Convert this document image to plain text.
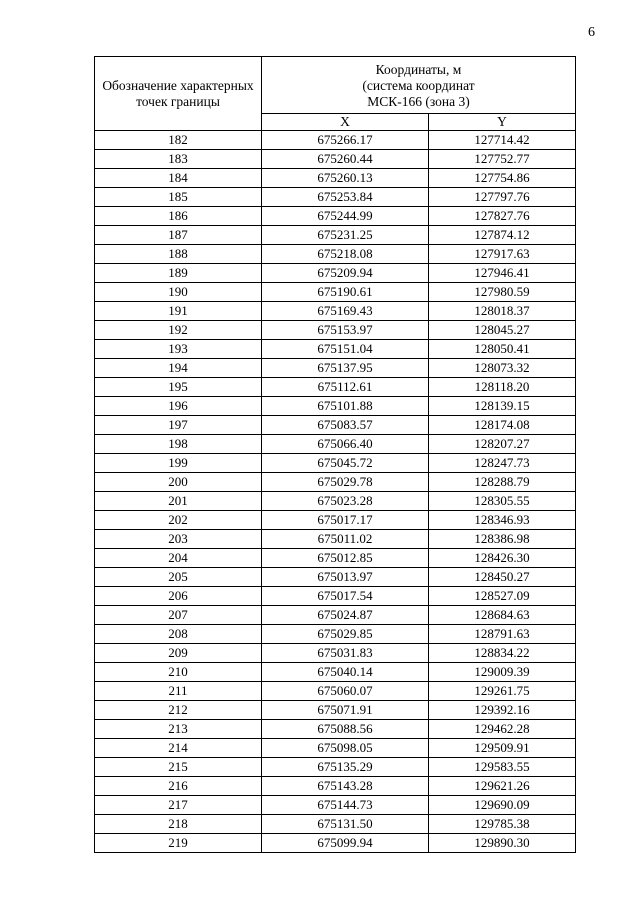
6
Обозначение характерных точек границы	Координаты, м
(система координат
МСК-166 (зона 3)	

	X	Y
182	675266.17	127714.42
183	675260.44	127752.77
184	675260.13	127754.86
185	675253.84	127797.76
186	675244.99	127827.76
187	675231.25	127874.12
188	675218.08	127917.63
189	675209.94	127946.41
190	675190.61	127980.59
191	675169.43	128018.37
192	675153.97	128045.27
193	675151.04	128050.41
194	675137.95	128073.32
195	675112.61	128118.20
196	675101.88	128139.15
197	675083.57	128174.08
198	675066.40	128207.27
199	675045.72	128247.73
200	675029.78	128288.79
201	675023.28	128305.55
202	675017.17	128346.93
203	675011.02	128386.98
204	675012.85	128426.30
205	675013.97	128450.27
206	675017.54	128527.09
207	675024.87	128684.63
208	675029.85	128791.63
209	675031.83	128834.22
210	675040.14	129009.39
211	675060.07	129261.75
212	675071.91	129392.16
213	675088.56	129462.28
214	675098.05	129509.91
215	675135.29	129583.55
216	675143.28	129621.26
217	675144.73	129690.09
218	675131.50	129785.38
219	675099.94	129890.30
